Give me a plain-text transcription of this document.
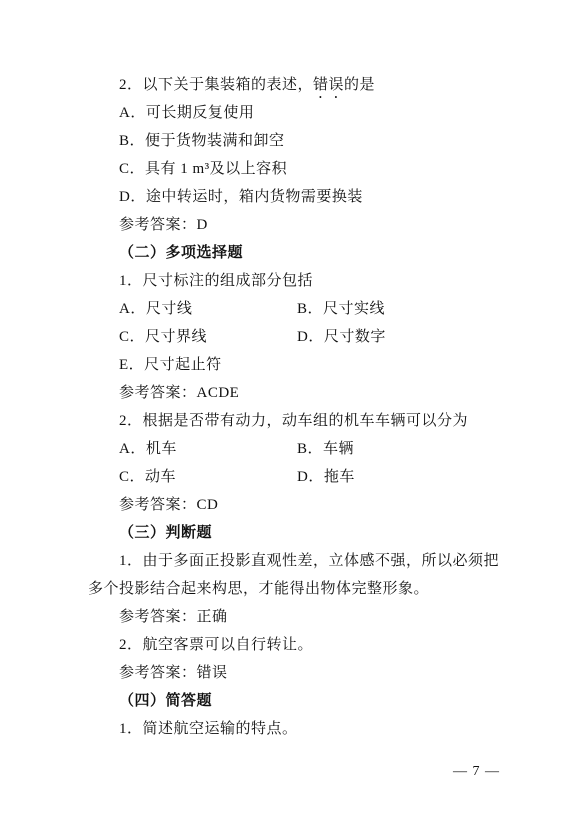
2．以下关于集装箱的表述，错误的是
A．可长期反复使用
B．便于货物装满和卸空
C．具有 1 m³及以上容积
D．途中转运时，箱内货物需要换装
参考答案：D
（二）多项选择题
1．尺寸标注的组成部分包括
A．尺寸线	B．尺寸实线
C．尺寸界线	D．尺寸数字
E．尺寸起止符
参考答案：ACDE
2．根据是否带有动力，动车组的机车车辆可以分为
A．机车	B．车辆
C．动车	D．拖车
参考答案：CD
（三）判断题
1．由于多面正投影直观性差，立体感不强，所以必须把
多个投影结合起来构思，才能得出物体完整形象。
参考答案：正确
2．航空客票可以自行转让。
参考答案：错误
（四）简答题
1．简述航空运输的特点。
— 7 —
